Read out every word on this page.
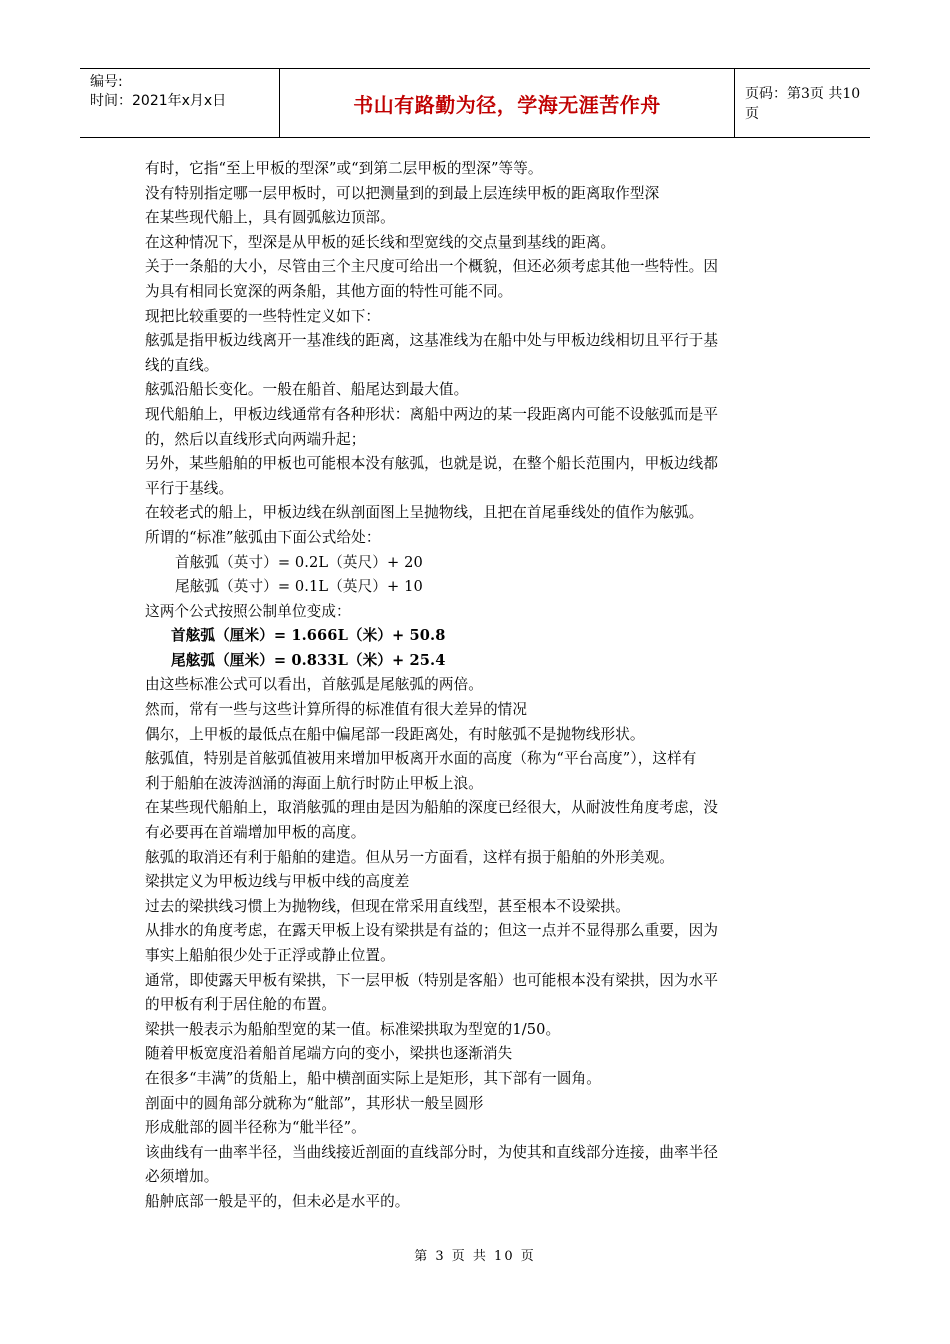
编号:
时间：2021年x月x日	书山有路勤为径，学海无涯苦作舟	页码：第3页 共10页
有时，它指“至上甲板的型深”或“到第二层甲板的型深”等等。
没有特别指定哪一层甲板时，可以把测量到的到最上层连续甲板的距离取作型深
在某些现代船上，具有圆弧舷边顶部。
在这种情况下，型深是从甲板的延长线和型宽线的交点量到基线的距离。
关于一条船的大小，尽管由三个主尺度可给出一个概貌，但还必须考虑其他一些特性。因
为具有相同长宽深的两条船，其他方面的特性可能不同。
现把比较重要的一些特性定义如下：
舷弧是指甲板边线离开一基准线的距离，这基准线为在船中处与甲板边线相切且平行于基
线的直线。
舷弧沿船长变化。一般在船首、船尾达到最大值。
现代船舶上，甲板边线通常有各种形状：离船中两边的某一段距离内可能不设舷弧而是平
的，然后以直线形式向两端升起；
另外，某些船舶的甲板也可能根本没有舷弧，也就是说，在整个船长范围内，甲板边线都
平行于基线。
在较老式的船上，甲板边线在纵剖面图上呈抛物线，且把在首尾垂线处的值作为舷弧。
所谓的“标准”舷弧由下面公式给处：
首舷弧（英寸）= 0.2L（英尺）+ 20
尾舷弧（英寸）= 0.1L（英尺）+ 10
这两个公式按照公制单位变成：
首舷弧（厘米）= 1.666L（米）+ 50.8
尾舷弧（厘米）= 0.833L（米）+ 25.4
由这些标准公式可以看出，首舷弧是尾舷弧的两倍。
然而，常有一些与这些计算所得的标准值有很大差异的情况
偶尔，上甲板的最低点在船中偏尾部一段距离处，有时舷弧不是抛物线形状。
舷弧值，特别是首舷弧值被用来增加甲板离开水面的高度（称为“平台高度”），这样有
利于船舶在波涛汹涌的海面上航行时防止甲板上浪。
在某些现代船舶上，取消舷弧的理由是因为船舶的深度已经很大，从耐波性角度考虑，没
有必要再在首端增加甲板的高度。
舷弧的取消还有利于船舶的建造。但从另一方面看，这样有损于船舶的外形美观。
梁拱定义为甲板边线与甲板中线的高度差
过去的梁拱线习惯上为抛物线，但现在常采用直线型，甚至根本不设梁拱。
从排水的角度考虑，在露天甲板上设有梁拱是有益的；但这一点并不显得那么重要，因为
事实上船舶很少处于正浮或静止位置。
通常，即使露天甲板有梁拱，下一层甲板（特别是客船）也可能根本没有梁拱，因为水平
的甲板有利于居住舱的布置。
梁拱一般表示为船舶型宽的某一值。标准梁拱取为型宽的1/50。
随着甲板宽度沿着船首尾端方向的变小，梁拱也逐渐消失
在很多“丰满”的货船上，船中横剖面实际上是矩形，其下部有一圆角。
剖面中的圆角部分就称为“舭部”，其形状一般呈圆形
形成舭部的圆半径称为“舭半径”。
该曲线有一曲率半径，当曲线接近剖面的直线部分时，为使其和直线部分连接，曲率半径
必须增加。
船舯底部一般是平的，但未必是水平的。
第 3 页 共 10 页
